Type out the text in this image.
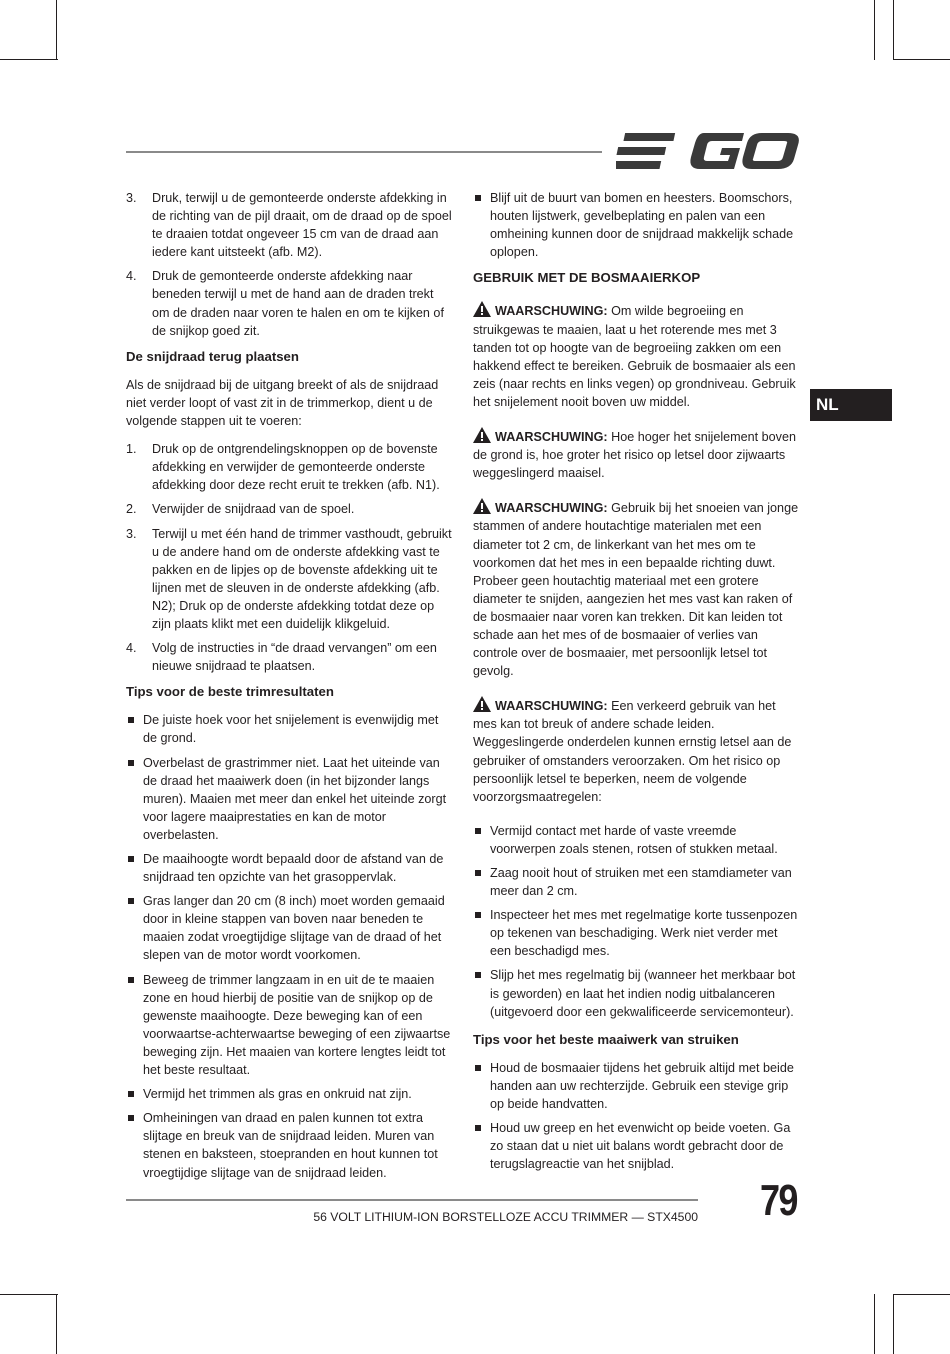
NL
3. Druk, terwijl u de gemonteerde onderste afdekking in de richting van de pijl draait, om de draad op de spoel te draaien totdat ongeveer 15 cm van de draad aan iedere kant uitsteekt (afb. M2).
4. Druk de gemonteerde onderste afdekking naar beneden terwijl u met de hand aan de draden trekt om de draden naar voren te halen en om te kijken of de snijkop goed zit.
De snijdraad terug plaatsen
Als de snijdraad bij de uitgang breekt of als de snijdraad niet verder loopt of vast zit in de trimmerkop, dient u de volgende stappen uit te voeren:
1. Druk op de ontgrendelingsknoppen op de bovenste afdekking en verwijder de gemonteerde onderste afdekking door deze recht eruit te trekken (afb. N1).
2. Verwijder de snijdraad van de spoel.
3. Terwijl u met één hand de trimmer vasthoudt, gebruikt u de andere hand om de onderste afdekking vast te pakken en de lipjes op de bovenste afdekking uit te lijnen met de sleuven in de onderste afdekking (afb. N2); Druk op de onderste afdekking totdat deze op zijn plaats klikt met een duidelijk klikgeluid.
4. Volg de instructies in “de draad vervangen” om een nieuwe snijdraad te plaatsen.
Tips voor de beste trimresultaten
De juiste hoek voor het snijelement is evenwijdig met de grond.
Overbelast de grastrimmer niet. Laat het uiteinde van de draad het maaiwerk doen (in het bijzonder langs muren). Maaien met meer dan enkel het uiteinde zorgt voor lagere maaiprestaties en kan de motor overbelasten.
De maaihoogte wordt bepaald door de afstand van de snijdraad ten opzichte van het grasoppervlak.
Gras langer dan 20 cm (8 inch) moet worden gemaaid door in kleine stappen van boven naar beneden te maaien zodat vroegtijdige slijtage van de draad of het slepen van de motor wordt voorkomen.
Beweeg de trimmer langzaam in en uit de te maaien zone en houd hierbij de positie van de snijkop op de gewenste maaihoogte. Deze beweging kan of een voorwaartse-achterwaartse beweging of een zijwaartse beweging zijn. Het maaien van kortere lengtes leidt tot het beste resultaat.
Vermijd het trimmen als gras en onkruid nat zijn.
Omheiningen van draad en palen kunnen tot extra slijtage en breuk van de snijdraad leiden. Muren van stenen en baksteen, stoepranden en hout kunnen tot vroegtijdige slijtage van de snijdraad leiden.
Blijf uit de buurt van bomen en heesters. Boomschors, houten lijstwerk, gevelbeplating en palen van een omheining kunnen door de snijdraad makkelijk schade oplopen.
GEBRUIK MET DE BOSMAAIERKOP
WAARSCHUWING: Om wilde begroeiing en struikgewas te maaien, laat u het roterende mes met 3 tanden tot op hoogte van de begroeiing zakken om een hakkend effect te bereiken. Gebruik de bosmaaier als een zeis (naar rechts en links vegen) op grondniveau. Gebruik het snijelement nooit boven uw middel.
WAARSCHUWING: Hoe hoger het snijelement boven de grond is, hoe groter het risico op letsel door zijwaarts weggeslingerd maaisel.
WAARSCHUWING: Gebruik bij het snoeien van jonge stammen of andere houtachtige materialen met een diameter tot 2 cm, de linkerkant van het mes om te voorkomen dat het mes in een bepaalde richting duwt. Probeer geen houtachtig materiaal met een grotere diameter te snijden, aangezien het mes vast kan raken of de bosmaaier naar voren kan trekken. Dit kan leiden tot schade aan het mes of de bosmaaier of verlies van controle over de bosmaaier, met persoonlijk letsel tot gevolg.
WAARSCHUWING: Een verkeerd gebruik van het mes kan tot breuk of andere schade leiden. Weggeslingerde onderdelen kunnen ernstig letsel aan de gebruiker of omstanders veroorzaken. Om het risico op persoonlijk letsel te beperken, neem de volgende voorzorgsmaatregelen:
Vermijd contact met harde of vaste vreemde voorwerpen zoals stenen, rotsen of stukken metaal.
Zaag nooit hout of struiken met een stamdiameter van meer dan 2 cm.
Inspecteer het mes met regelmatige korte tussenpozen op tekenen van beschadiging. Werk niet verder met een beschadigd mes.
Slijp het mes regelmatig bij (wanneer het merkbaar bot is geworden) en laat het indien nodig uitbalanceren (uitgevoerd door een gekwalificeerde servicemonteur).
Tips voor het beste maaiwerk van struiken
Houd de bosmaaier tijdens het gebruik altijd met beide handen aan uw rechterzijde. Gebruik een stevige grip op beide handvatten.
Houd uw greep en het evenwicht op beide voeten. Ga zo staan dat u niet uit balans wordt gebracht door de terugslagreactie van het snijblad.
56 VOLT LITHIUM-ION BORSTELLOZE ACCU TRIMMER — STX4500 79
